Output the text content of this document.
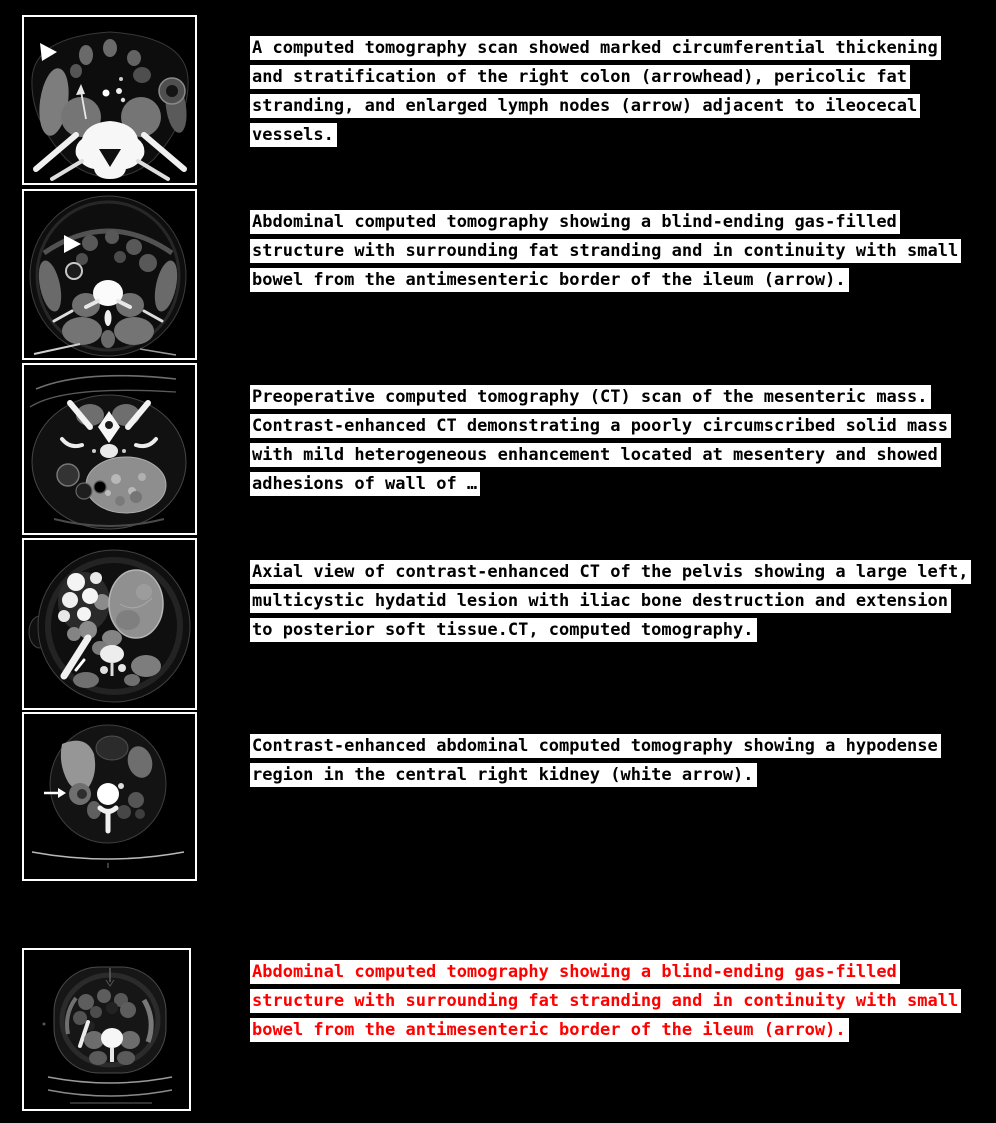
A computed tomography scan showed marked circumferential thickening
and stratification of the right colon (arrowhead), pericolic fat
stranding, and enlarged lymph nodes (arrow) adjacent to ileocecal
vessels.
Abdominal computed tomography showing a blind-ending gas-filled
structure with surrounding fat stranding and in continuity with small
bowel from the antimesenteric border of the ileum (arrow).
Preoperative computed tomography (CT) scan of the mesenteric mass.
Contrast-enhanced CT demonstrating a poorly circumscribed solid mass
with mild heterogeneous enhancement located at mesentery and showed
adhesions of wall of …
Axial view of contrast-enhanced CT of the pelvis showing a large left,
multicystic hydatid lesion with iliac bone destruction and extension
to posterior soft tissue.CT, computed tomography.
Contrast-enhanced abdominal computed tomography showing a hypodense
region in the central right kidney (white arrow).
Abdominal computed tomography showing a blind-ending gas-filled
structure with surrounding fat stranding and in continuity with small
bowel from the antimesenteric border of the ileum (arrow).
